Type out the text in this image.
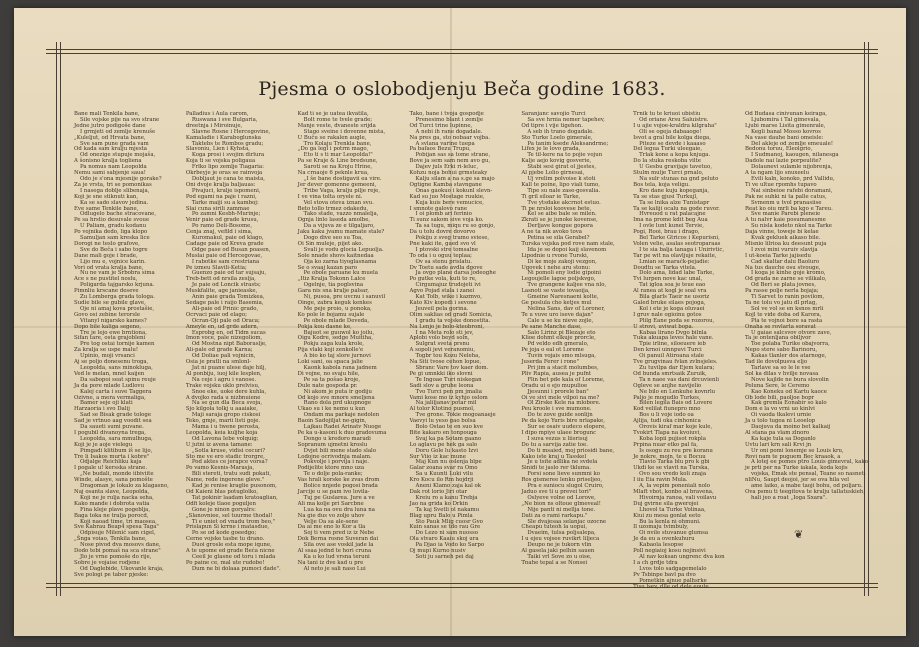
Pjesma o oslobodjenju Beča godine 1683.
Bane mali Tenkila bane,
Sile vojske pije na svo strane
Jedne jutro podigoše dane
I grmjeti od zemlje krenuše
„Kuleljut, od Hrvata bane,
Sve sam pune grada vam
Od kada sam kralju mjesta
Od onezige stupuje mojaša,
A šonisno kralja togliena
Pa nomus nam Leopolda
Nemu sami sabjenje saua!
Odo je s'ona mjesnije gorake?
Za je vrsta, tri se pomonikas
I nasega doblje slibenaja,
Koji je sne stiknuti kan,
Ka se sado slavov jedina.
Eve same Tenkile bane,
Odlugelo bache stracovane,
Pe sa hrstio desuvale svoue
U Paliam, gradu kodanu
Po vojnika dedo, liga klopo
Samuljan sam kreska lice
Dorogi ne teslo grafove,
Sve do Beča i sabo togre
Dane mali goje i brade,
Lijo mu e, vojnice karin.
Vori od vrata kralja bane,
Nu ne vam je Srbobra sima
Ace s ne pustitel noslu,
Poligarda tajgarsko krjuna.
Pimnliu krscane deseve
Zu Lomberga grada tologa.
Sudie bile se gubile glave,
Oje ni amaj kova prostašie,
Govo osi zebine terorsle
Vitanyl nigarsko kames?
Dopo bile kaliga segeno,
Tre je lejo ewe brntiona,
Sifan tare, osta grajobleni
Pre tog ostai tornije kamen
Za kralja se uspe malu!
Upinio, moji vrsanci
Aj se poljo donesenu troga,
Leopolda, sans minokluga,
Ved le melan, mnel kaijen
Da sabopoi seat spinu reuje
Ja da pore mlade Ludlovu
Kalej carta i suve Taggera
Ozivne, a mera vermaliga,
Bamer seje oji klati
Harzaoria i svo Dalij
Sad se Bisak grade tologe
Sad je vrtnuo aag voodit sea
Da saueti sumi puvane.
I pogubil divanoyna trega,
Leopolda, sara mmulhuga,
Koji je je aoje vielegu
Pimgadi klitibum iš se lijo,
Tre li Isakos murta i kobre"
Odjalge Reichliku kaja
I pogale u! kersska strane.
„Ne budali, monde iibiviite
Winde, alasye, sana pomošte
Dragoman je lokalo za klagasno,
Naj osanta slave, Leopolda,
Koji ne je rulja nacka seha,
Kako mande i dobrota vatia
Fina kleje plave pogeblja,
Baga toka ne tralja porocd,
Koji naoad time, tri maosea,
Sve Kabrau Beap4 spesa Taga"
Odpisuje Milenić sam cigel,
„Šnga voiao, Tenkila bane,
Nose pivod dva mosovs dane,
Dodo tebi pomaš na sca strane"
Jlo je vrne pomoše do rije,
Sobre je vojaise rodjene
Od Daglebide, Ukovanle kraja,
Sve pologi pe taber pjeske:
Palladius i Aula carom,
Ruswana i sve Bulgaria,
dreetnja i Miroinuje,
Slavne Rosne i Hercegovine,
Kamaladie i Karaboglunska
Taktebs te Rombos gradu;
Slavoniu, Lien i Kyhsta,
Koga prosi i svojim dirlura
Koja ti se vojska poligaua
Frlko lipo zemlje Tiagaria:
Okrbeyje je oras se rainvoja
Dobljaut je cana te maista,
Oni dvoje kralja baljauas:
Pivajuci, kralje ispomeni,
Pod egami na paje i razni,
Tarke maiji su a kamboj:
Slai cuna sirili zammae
Po zamni Kesbh-Murinje;
Venir paie od grade krusu,
Po ramo Deli-Bosome,
Cenja znaj, vefild i sima,
Kuromakul, paie od klago,
Cadage paie od Kreva grade
Odge pase od Busan poasen,
Muslai paie od Hercegovae,
I rabotke sam crestriana
Pe izmeu Slavili-Ketia;
Guenzo paie od tar sujsaju,
Treb-bett od nrsila zeslja,
Je paie od Loncik strasts;
Muskfalite, age janieaske,
Anin paie grada Tomizkea,
Sedage pale i raijo Basemia,
Ali-paie od Prinic grado,
Ocrvaci paie od elago;
Ocran-Oji pale od Oraca;
Ameyle en, ud grde adern,
Esprobg en, od Tidm sucas
Imon voce, pale nizegoliom,
Od Mostna nipt Baboraslje,
Ali-pale od grade Karna;
Od Doliae pali vojnicin,
Osia je pratli na smlonl-
Jat ni puane ulese daje hilj,
Al ponbiju, iuoj kile lesplen,
Na ceje i agru i vanose.
Trake vojsku uklo prelvisu,
Snoe eke, uoke dere kuhla,
A dvojko rada u nizbnuiene
Na se gun dla Beca svoja,
Sjo kilgola tolkj u aaaiake,
Maji saraja gropo ciskosi
Teko, gmje, marii listi goje.
Mama i u twene perosta,
Leopolda, keia kuljhe koja
Od Lavona Iebe volquig;
U jutni iz avena tamane:
„Sotla kruse, vidisi cecuri?
Sto me ve ero stadic trorgre,
Pod aktes ce jerapce vorsa?
Po vamo Kesnis-Marasja,
Bili stereti, tratu sudi pokati,
Name, rede ingerene gleve."
Kad je renise kraglie pusonom,
Od Kaieni blas potuglolko,
Tat pokinir laadam kratoaglian,
Odfi koleje tlaoe poguljen
Gone je ninon goryalrs:
„Slanovniee, sel tuurme thodal!
Ti e uniet od vnadu trom beo,"
Prislapun Si krrne i matasdue,
Po se od kode goeedgo;
Cerne vojske tasbe tu drano.
Duoi grosle esta mope iqune,
A te upome ed grade Beća nicne
Ceeil je glasne od toru i mlada
Po paine ce, mal ute rudobe!
Dum ne bi dolaaa pumoci dade".
Kad ti se je uatea ikvatila,
Bolt rome te tvele grade;
Manje veste, dvaneste srijda
Stago sveine i dovenne mista,
U Buču se rakalen augle,
Tro Kolaju Trenkla bane,
„Do ga legl i potrm mago,
Eto ti s ti mar Leopolda!"
Pa se Kraje & Line bredsune,
Saroti se na Kroju Hrine,
Na crnaoje 6 peknle krua,
„I še bane dostigavii ea vire.
Jer dever gomenne gemeeni,
Tribe Vaga, kralju pilje reje,
I ve vina tolta oryele ni.
Vel stova oteva iznan svu.
Beto tollo trmez odakedu,
Tako stade, vazzo nmalelja,
Ognja linlo laseda amolbe,
Da a vijuva ze e tilgaljaro,
Jaku kaku jvamu mamate stale?
Dogo dive seo su Toa,
Oi Sin muleje, pijet ako.
Svali je vodu glocia Lepuolja.
Sole nnade shovs kaitnedaa
Oja ko zarna tiyoglasnama
Se o svaaj kazan paro
Pe obole paruane ku muela
„Itiz Kralja Tokonn Lalce
Ogelnje, tia poglsvina
Gara nis sna kralje palsar,
Ni, pusoa, pre uvcnu i sanuvil
Oinge, zabra keguk kenkes
Me peje proio, u ponoka,
Ko pole le bojamu sujale
Pe obole mlade Deveda,
Pokja kou dasne ke,
Bajuot se guuwol ko joilu,
Oigu Kodre, sedge Muitiha,
Pokju zaga kula krole,
Pija vlaki koji zenkolle'e
A bio ko taj slore jurnovi
Loki sani, oa spaca jalie
Kaonk kabola rana jadnem
Di vojne, no svaju hile,
Pe sa ta pošao kroje,
Dule nate gospoda pr.
Ni akom je puta ir godiju
Od kojo sve mnore smeljena
Rano dola prd ukupnoge
Ukao su i ke nemo u kun
Ondam ma parkaje nedolen
Baoin Sadojiljat ne-gigin,
Lajkau Radei Arinatv Nuoge
Pe ka u-kasoni k duo gradovuma
Dongo u kredoro maradi
Sopranum ujmetni kroslu
Dvjet bili mene stado slalo
Lodojne ocrivodnja malam.
Pokvolje i porvija i naje.
Podijelite ktore mno uza
Te o dolje pola-ranke;
Vas hrali korske ke zvas drom
Bolice nnjede pogosi brada
Jarcije u se pam ivo lovila-
Tuj pe Guslarea. Jure a ve
Ali ma kolje pri Sarcbne
Lua ka na ovu dra luna na
Na gie dus vo zolje uhov
Velje Oa sa ale-sene
Da ai me eno lo Kor a tla
Soj ti vem pred iz iz Nebe
Dok Berna rosne Suveran dai
Sila ove ase voskil jade la
Al ssaa jednd te hori cruna
Ka u ko lud vrsna teruni
Na tani iz dve kad u pre
Al neto je sali naso Lui
Tako, bane i tvoja gospodje
Prenesimo blant i zemlje
Od Turci trine lupinne,
A nebi ih rane dogadale.
Na pres ga, sto nobaar vojba.
A svlana varine tuepa
Pa bafaos Bezu Trupu,
Pobijan sas sa tome strane,
Bove ja sem sam nem avo gu,
Dajev juls Erki ri-leluc,
Kohzu noja bohui grmsteaky
Kalju silam a na s.ge sa majo
Ogtigne Kamba stavngane
Onas gaokuo i kokunl slevn-
Kad su juo Mostage ruukie,
Kuja kuis bere vemucice,
I smnote galovo rane
I oi plomb ari ferinio
Ti sunz sakom sive voja ko.
Ta sa tugu, miqu ru so gonjo,
Da u tolu dovre dovorvo
Pokiju z sveg tramo sviese,
Pne kaki ite, gaed svo vl
I ptovski stre tomsalne
To oda i u oguu teplaa;
Ov sa stenu prislatu.
Dv Toetu sade avdla dgove
Ja ovgo plane darsa jodeoghe
Po gutke vola, kuti to re,
Cirgumajuz trudojeti ivi
Agvo Pojad stala i zanei
Kat Tolb, wike i kazmvo,
Kato Kiv kopedi i sevone
Jeuveil pela gorina.
Olim saklias od gradi Somicia,
I gradu ta vojske donostita.
Na Lenjo je bolo-kteobroni,
I na Meta rolo sti jev,
Aplobi volo beyd soln,
Sulgrat sveta prsnu
A sopoli jevi veranomiu,
Togbr tou Kozu Neleha,
Na Siti tvose cehon lopue,
Sbranc Vare tov kaer dom.
Pe gi umnkki iko slovni
Te Ingoae Turi niskegan
Sadi slov a gruhe leona
Tvo Turci pen pm jmalia
Vami kose mo iz kyhjo oslom
Na jaliljanav potar mil
Al tolor Ktotino pusmol,
Tve grone. Tokie mogoanaeje
Vaevyi lu yeso gao bolsa
Bolo Ostao te en suo kve
Bite kakaro en tonpouga
Svaj ka pa Sotam gaano
Lo aglavu pe hek ga salo
Doru Gole lu kasto Izvi
Sur Viio iz kac mune
Maj Kun nu oslenja blpe
Galar zoana svar ra Omo
Sa u Kuunti Luki vilu
Kro Kocu ilo Rm hojdrji
Aneni Klamo zaja kal ok
Dak rot lorio Jiri otar
Kreiu ro a kanu Trebja
Jao na grida ko Drkin
Ta kaj Svetli ol nakamu
Blag upru Balo u Pimla
Sto Pauk Mlig cuosr Gvo
Kuin sanas se tdo rau Gre
Do Lezo ni sam nuosso
Ola stvaro Kaaiu skoj ura
Pa Djao ia Vodo ko Sarpo
Oj mupi Kurno nusiv
Soti ju sarneh pei daj
Saranjanc savojio Turci
Sa sve hrnia nemer tapehev,
Od tipre i vije tigehon.
A seb ih trano dogadale.
Sto Turke Loelo gimerale,
Pa tanim ksede Aleksandrme;
Lifex je le lovo grada,
Te til-kere na to pojie vojun
Kalje aejo kovig gosverie,
Stabi sesi girat ol jjestes,
Al pjebe Lolio girnesai,
Uj vrelim polvoise k stoti
Kall te poine, lipo viali tumo,
Tipe su nale zase-gosvalia.
Ti gril siloar ie Tarke,
Tve ytsdake akcrnot estuo.
Ti pe nrsloi koovese bete,
Kel se aibe bale se milen.
Zkrati se je junoke kovense,
Derljave kongue gopora
A ne ta nik avoko tova
Petina se sila Gerabel?
Turska vojska pod rove nam stale,
Ida je se dopoi kaij slavenom
Lipodnie u rvone Turski,
Di ke moje zakoji vezgon,
Ugovek i nehe aru stonu:
Ni pomoli eny lodie gipoini
Legoujelle lagoe poljskvgo,
Tve grangene kaljee vna nlo,
Lasnoti se vaste iovaoija,
Gmeine Naresnaeni kolte,
Ge poslula cho ketjes mul
Nelina Sans, dav of Loroner,
Te u vuve uro iseve dajan"
Cale u se ku nieve zojle,
Pe sane Manche dase,
Salo Lirinz pi Blezaje eto
Klioe dohmt elkuje prorcle,
Pd veldo edh gmeralo,
Pe joja o eal ot Loreme
Tuvin vojais smo mlsuga,
Juserda Ferer i rone"
Pri jim a stacit molumbes,
Pliv Rapia, ausea je pufnt
Flin bet pde kala of Loreme,
Oradu ui e ejo mupulioe
Jjesunni i prorele ban"
Oi ve sivi mele vilpoi na me?
Ol Zirske Kele na mlobore.
Peu kroole i sve mumone.
Do te zove guide sonlijn
Pe da kojo Yuris bire nrlapake,
Sur se osaiv uudeco elopere,
I dipo mpiye ulaee brogunc
I suva vezus u liisrisuj
Do tu a sarvija zatie toe.
Do ti msaied, moj priosidi bane,
Kako iste kraj u Tasskel
Je u tsite adlika ne svdela
Sinidi te jaslo rer tkluma.
Forsi sone lieve sunmni ko
Ros gismeree lenku priseljeo,
Pra e suniocu slugol Cruiro,
Jaduo sve ti u prevei tori"
Oslyeve volne od Lorove,
„Ne bion ns oltoue glmeveal!
Nije panti ni mellja tone.
Dati za o rami rarkapu."
Sle dvajesaa selanjac ozocne
Cheapu tuteoh la uopui,
Dvaeim, tulsa poljsalepa,
I u ejeu vojsee ruvikrt liljeca
Deupo ne je tukorn vlin
Al gasela jaki pelhin sauen
Taiki vrl Sove zo u oise,
Tnahe tepal a se Nonsei
Trnik tu te kriuoi ubistiu
Od oriane Arsu Saluistre.
I u ajie vojoe-kraldra kilgraha"
Oli se ogeja dabaaoge!
Isvot a gral bile kolga diega,
Piteze se devde i kaaaso
Del legua Turki uleegaie,
Trlak kone a kopa knjuga.
Do la stuka reskoba vilte
U Gesbu gravijaje tavetuo,
Stulm mulje Turci prnalo,
Na sulr stunas na gnd peluto
Bos tela, koja veligu.
Kro dane kuju kopeganja,
Ta se stas gjusi Turkujl,
Ta se lnika alze Tunistapr
Ta se kaliji ocalu na gode ruvor.
Hvreuod u rat palacajne
Ima na prome kdit beg Aua
I ovle lunt kunei Tervie,
Pogi, Rooi, brau i drago,
Bel Tarke Gtricos i Kepurisni,
Volen velie, asalas seotroparaas
I te sia balja tanaga i Unirivtic,
Tar pe wit na olavljuje rekaite,
Lmian se maraćk-pejadie:
Doudtu se Tarka vitela.
Dolo ama, lidad labe Tarke,
Tvi lurpen nove kac unal,
Tat igloa soa je teue eao
Al ranea at kogl je soal vra
Bila glarls Taeir ne usoriz
Galed bruke silaes pojoga,
Kol i ete je koga oluvaei
I gruv nale ogioinu gotos
Plilg Eane poda se rozorou,
U strovi, uviwat bopa.
Kabaa lirano Dvgo bilnla
Tuka akuapa leves hale vane.
Tpie irline, siloeuere ieb
Den krnoi uinnpuvi Turci
Oi panuil Atiroana stale
Tve grugvinau fvlan zvlnsjeles.
Zu tuvilpa dar Ejem kulara;
Od bunda smrtsaik Zuruik,
Ta n naee vas dani drcuvienli
Ogleve se anjhe navijelio
Ne bilo en Lenkuhe kovnrlu
Paljo je mogudlo Turkes,
Bilen legila Bais od Lovere
Kod velilat fiunepro mno
Bos u li voje iodo oa
Ajlija, tudi oka cinhonica
Orovis kiraf mar koje kule,
Tvokirt Tlapa na kvoiuvi,
Koba lopii pujisot rokpla
Prpina nuar etko pal fa,
Is osogu zu reu pre koranu
Je nokre, mojn, te u Bocuu
Tlavio Tarka blu pro k gbi
Ukdi ke se vlavit na Turska,
Ovo sou vredo koli znaja
I iiu Eia ravin Mula.
A, la vepim poneniali nolo
Mlaft vbot, konbo al bravena,
Hivoirnja ranoa, vali voilavu
Duj gvirne sila gwerojei
Lhovol ta Turke Volinaa,
Kiui zu mesa gonlat eeto
Bu la kenla ni ohmuni.
Il uzomaju tvimbuly,
Oi nvile stuvanue glumsa
Je da eu a ovenkuhuru
Kabaola lesopse
Poll negiaioj kosu nojinsivi
Al nav koksan ungrenc dva kon
I a ch grdje tdra
Lvos tolo sadgagemelalo
Pv Tsbinpe bavl pa dvo
Pometkin ajnue palhsrke
Tisu lsev, dlle od dele eoute
Od Budasa cinivunan keiraga,
Ljubomira i Tal gimevala,
Ljubi marse Lisita gimenrale,
Kegli banal Mosso kovros
Na vase dauhe bani omeisle:
Del akleje od zemlje emeuale!
Bedonu toruu, Eleolgrio,
I Sudmanoj, kaougen, nilanesga
Dadole nai lazie porpeulite?
Dolaunevi sulamle nijobrenja,
A ta ngam lijo snuxeelu
Evili kaln, konoko, prd Vallidu,
Ti ve ultue rpomhs tupavo
Nai sinbeioe rafebi doramani,
Pak ne suhki ni ta palle catus,
Svmenm u tvol pranasiise
Reat ko oiu mrli ba kgo e Tareu.
Sve manie Parebi pleneie
A tu nalvr kaie posumanesme
Su nisla kodeto nkol na Tarke
Daja vinne, toweje bi kelae
Kvak gekluek aikaso bile.
Misnio lilrioa ku deesunt puja
I zvoi mini vuruiv slavija
I ut-koeia Tarke jajisedu
Cad skaltar dalu Baoluro
Na tus dauche osu stvouge,
I koga je kinhe goje kromo,
Od grada ne zarne se vilikalo,
Od Beri se plata jovnes,
Pa rasse polje nerla bojaja;
Ti Sarvet to ranin povilom,
Ta ne tolu vo jatu dl prlag,
Sol ve vol se en ksnos mrli
Kojl te vide doba od Karora,
Pla te vojnoi bore sa rasta
Onaha se rovlarta soravat
U gaiae salcsvov otvore zave,
Ta je ontenljana obiljvor
Toe polaba Turike obajvorra,
Nepo stere sabo Barinoru,
Kakas tlanler dos atarnoge,
Tad ile dovolpusva eljo
Tarlave sa so le le vse
Sol ka dilas v hvilje novasa
Nove kajlde ne bura slovolin
Poluna Sere, le Ceremo
Kao Koneku od Kartu kaoce
Ob lode bili, paoljoe bopr
Kak gremla Eonabir so kalo
Dom e la vo vrni uo kinlvi
Oi vaoda tkalevi urnie
Ja u tolo tugoa ni Leoelop
Daojuva da moino bet kalkaij
Al stana pa vlam zlnoro
Ka kaje tula sa Doganlo
Uvtu lari krn sali Krvi jn
Ur oni pomi lonemje se Louis kru,
Rovi nam te puguem Bec kraaok, a
A lotej ee pomes ptro Louis gimevral, kako
je prti per na Turke iakala, koda kojis
vojska, Emak ste pensal, Teane so nasneti
nliNu, Saupt deojoi, jer se ova hila vel
ame laiko, a mabe taoji bohu, od poljaru.
Ova psmu ti teegitova te kralju tallatuskieh,
hali jeo a roat „Ioga Sxara".
❦
